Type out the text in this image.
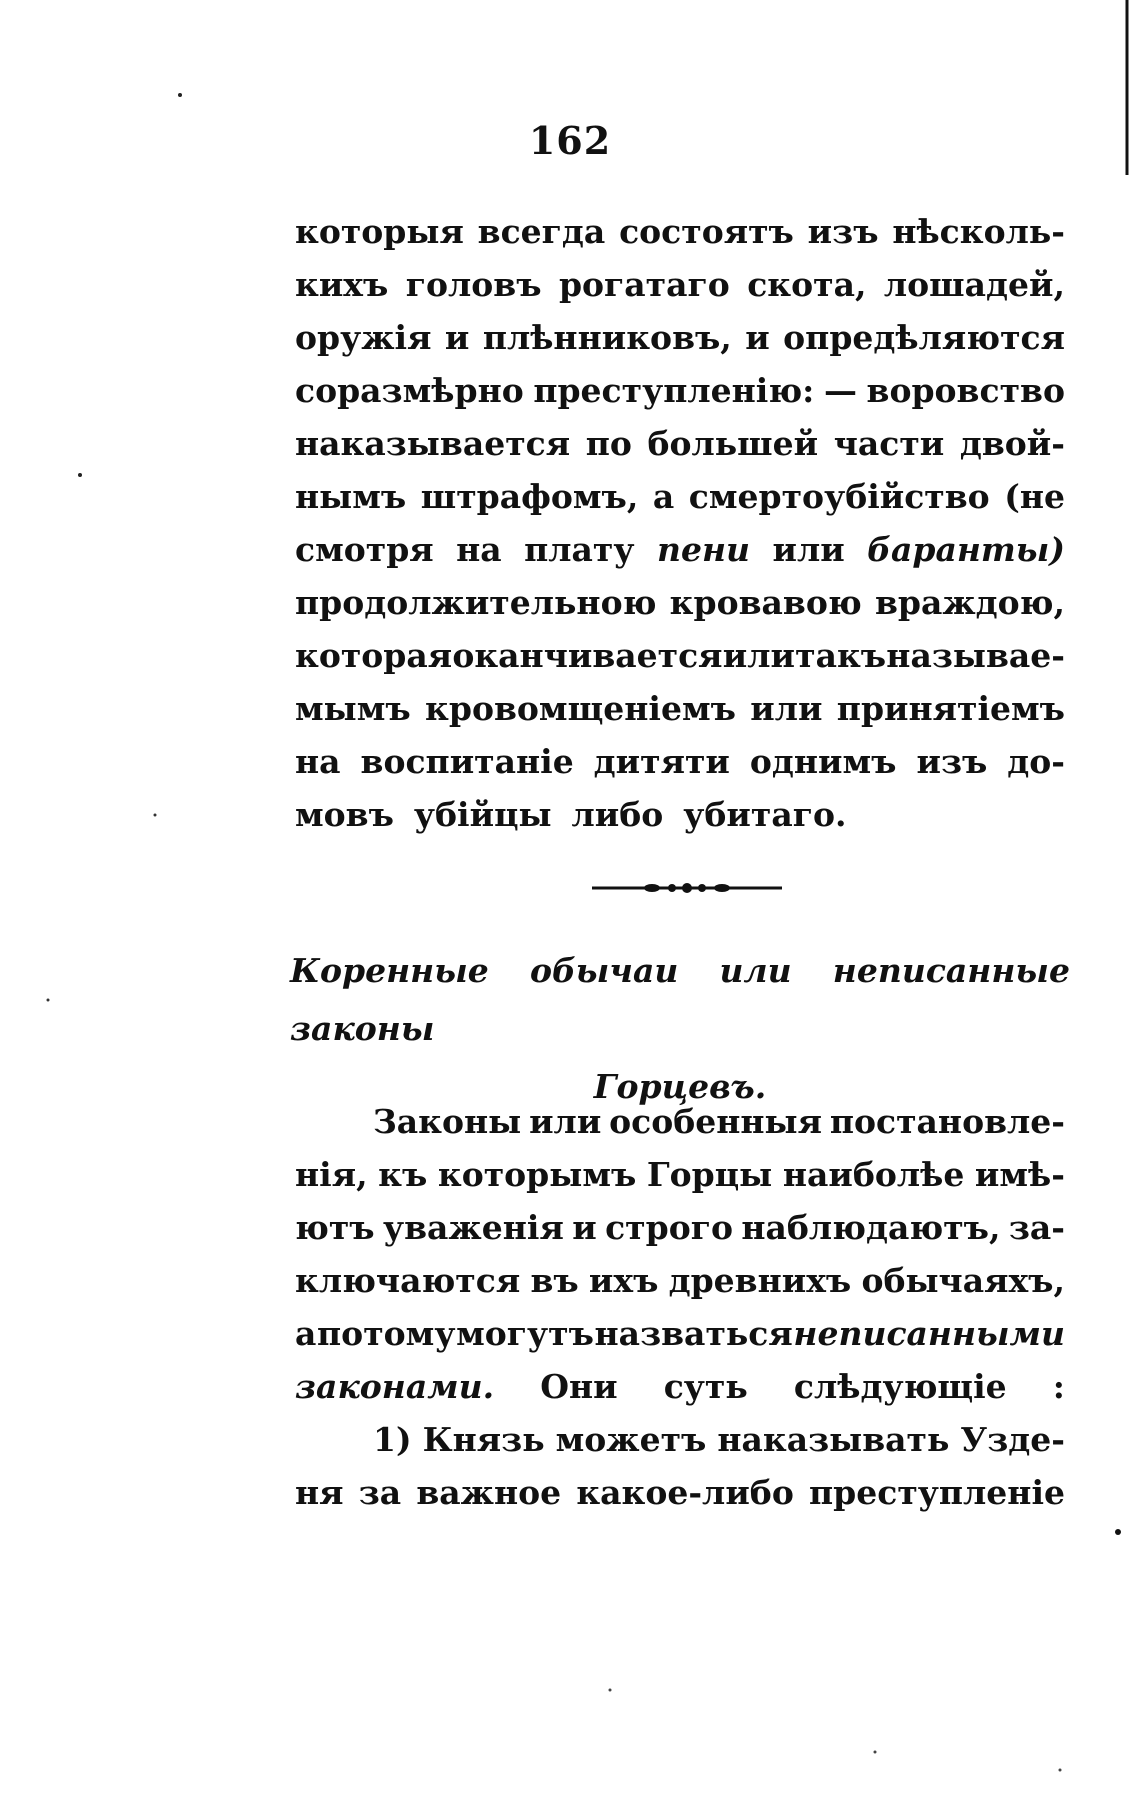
162
которыя всегда состоятъ изъ нѣсколь-
кихъ головъ рогатаго скота, лошадей,
оружія и плѣнниковъ, и опредѣляются
соразмѣрно преступленію: — воровство
наказывается по большей части двой-
нымъ штрафомъ, а смертоубійство (не
смотря на плату пени или баранты)
продолжительною кровавою враждою,
которая оканчивается или такъ называе-
мымъ кровомщеніемъ или принятіемъ
на воспитаніе дитяти однимъ изъ до-
мовъ убійцы либо убитаго.
Коренные обычаи или неписанные законы
Горцевъ.
Законы или особенныя постановле-
нія, къ которымъ Горцы наиболѣе имѣ-
ютъ уваженія и строго наблюдаютъ, за-
ключаются въ ихъ древнихъ обычаяхъ,
а потому могутъ назваться неписанными
законами. Они суть слѣдующіе :
1) Князь можетъ наказывать Узде-
ня за важное какое-либо преступленіе
